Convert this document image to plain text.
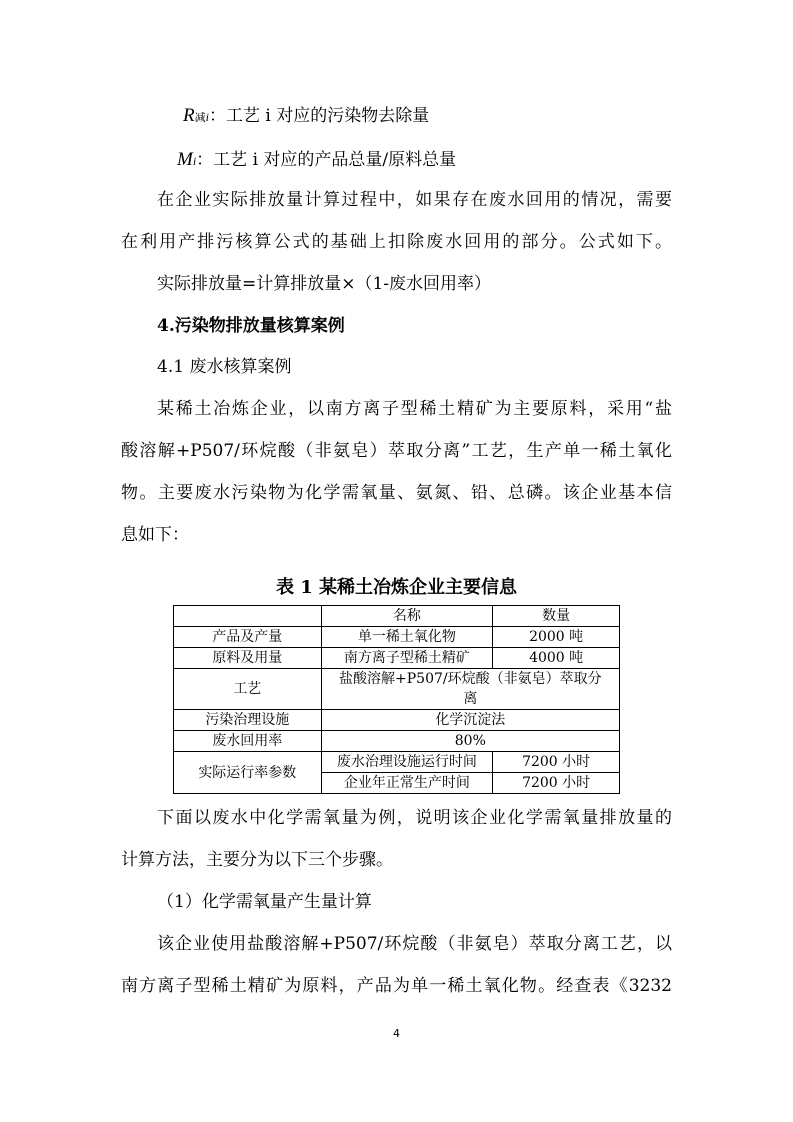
R减i：工艺 i 对应的污染物去除量
Mi：工艺 i 对应的产品总量/原料总量
在企业实际排放量计算过程中，如果存在废水回用的情况，需要
在利用产排污核算公式的基础上扣除废水回用的部分。公式如下。
实际排放量=计算排放量×（1-废水回用率）
4.污染物排放量核算案例
4.1 废水核算案例
某稀土冶炼企业，以南方离子型稀土精矿为主要原料，采用“盐
酸溶解+P507/环烷酸（非氨皂）萃取分离”工艺，生产单一稀土氧化
物。主要废水污染物为化学需氧量、氨氮、铅、总磷。该企业基本信
息如下：
表 1 某稀土冶炼企业主要信息
	名称	数量
产品及产量	单一稀土氧化物	2000 吨
原料及用量	南方离子型稀土精矿	4000 吨
工艺	盐酸溶解+P507/环烷酸（非氨皂）萃取分
离	

污染治理设施	化学沉淀法	
废水回用率	80%	
实际运行率参数	废水治理设施运行时间	7200 小时
	企业年正常生产时间	7200 小时
下面以废水中化学需氧量为例，说明该企业化学需氧量排放量的
计算方法，主要分为以下三个步骤。
（1）化学需氧量产生量计算
该企业使用盐酸溶解+P507/环烷酸（非氨皂）萃取分离工艺，以
南方离子型稀土精矿为原料，产品为单一稀土氧化物。经查表《3232
4
